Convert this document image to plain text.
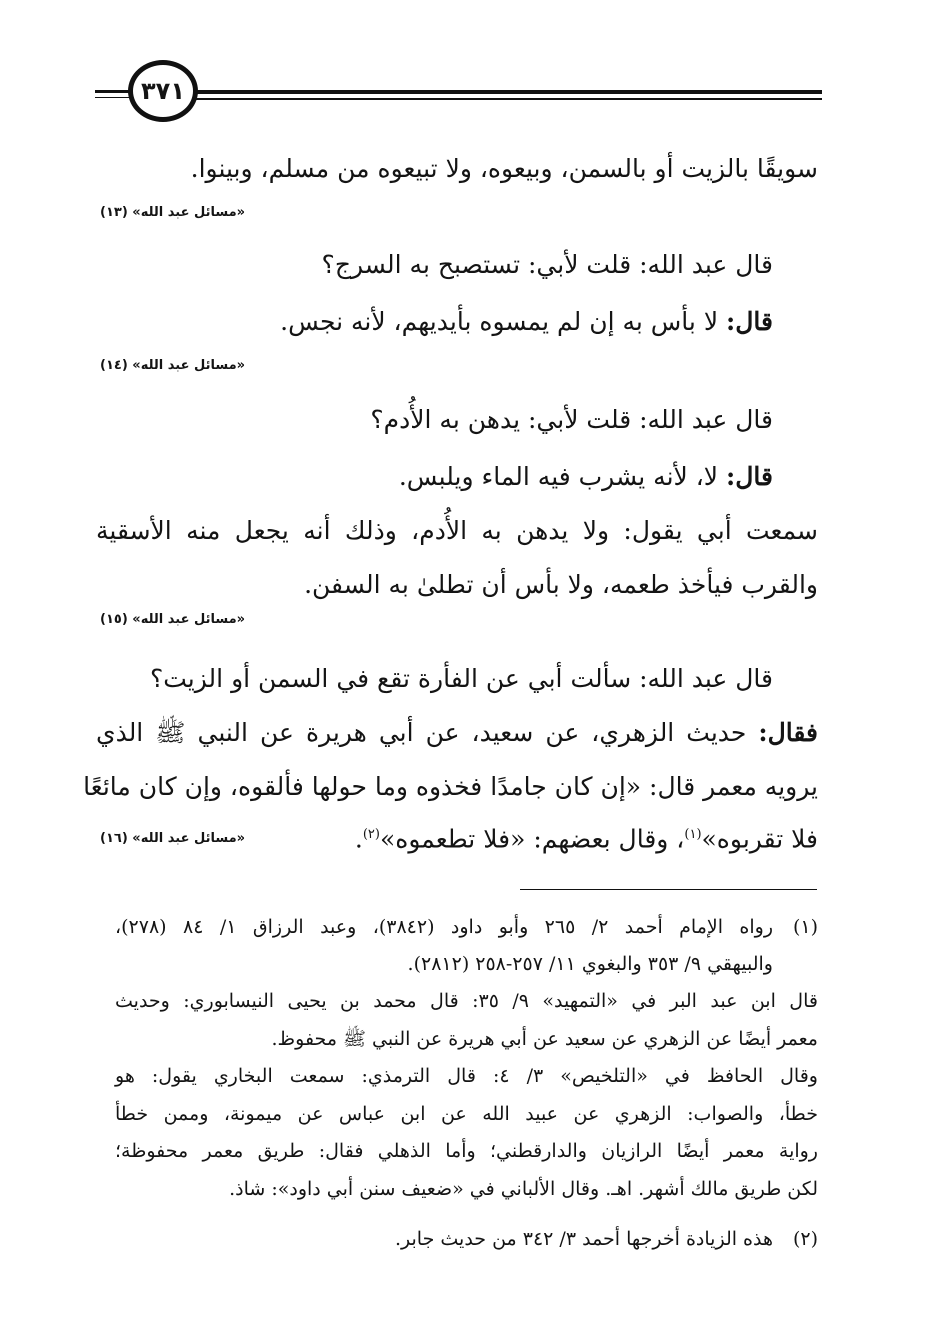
٣٧١
سويقًا بالزيت أو بالسمن، وبيعوه، ولا تبيعوه من مسلم، وبينوا.
«مسائل عبد الله» (١٣)
قال عبد الله: قلت لأبي: تستصبح به السرج؟
قال: لا بأس به إن لم يمسوه بأيديهم، لأنه نجس.
«مسائل عبد الله» (١٤)
قال عبد الله: قلت لأبي: يدهن به الأُدم؟
قال: لا، لأنه يشرب فيه الماء ويلبس.
سمعت أبي يقول: ولا يدهن به الأُدم، وذلك أنه يجعل منه الأسقية
والقرب فيأخذ طعمه، ولا بأس أن تطلىٰ به السفن.
«مسائل عبد الله» (١٥)
قال عبد الله: سألت أبي عن الفأرة تقع في السمن أو الزيت؟
فقال: حديث الزهري، عن سعيد، عن أبي هريرة عن النبي ﷺ الذي
يرويه معمر قال: «إن كان جامدًا فخذوه وما حولها فألقوه، وإن كان مائعًا
فلا تقربوه»$^{(١)}$، وقال بعضهم: «فلا تطعموه»$^{(٢)}$.
«مسائل عبد الله» (١٦)
(١)
رواه الإمام أحمد ٢/ ٢٦٥ وأبو داود (٣٨٤٢)، وعبد الرزاق ١/ ٨٤ (٢٧٨)،
والبيهقي ٩/ ٣٥٣ والبغوي ١١/ ٢٥٧-٢٥٨ (٢٨١٢).
قال ابن عبد البر في «التمهيد» ٩/ ٣٥: قال محمد بن يحيى النيسابوري: وحديث
معمر أيضًا عن الزهري عن سعيد عن أبي هريرة عن النبي ﷺ محفوظ.
وقال الحافظ في «التلخيص» ٣/ ٤: قال الترمذي: سمعت البخاري يقول: هو
خطأ، والصواب: الزهري عن عبيد الله عن ابن عباس عن ميمونة، وممن خطأ
رواية معمر أيضًا الرازيان والدارقطني؛ وأما الذهلي فقال: طريق معمر محفوظة؛
لكن طريق مالك أشهر. اهـ. وقال الألباني في «ضعيف سنن أبي داود»: شاذ.
(٢)
هذه الزيادة أخرجها أحمد ٣/ ٣٤٢ من حديث جابر.
